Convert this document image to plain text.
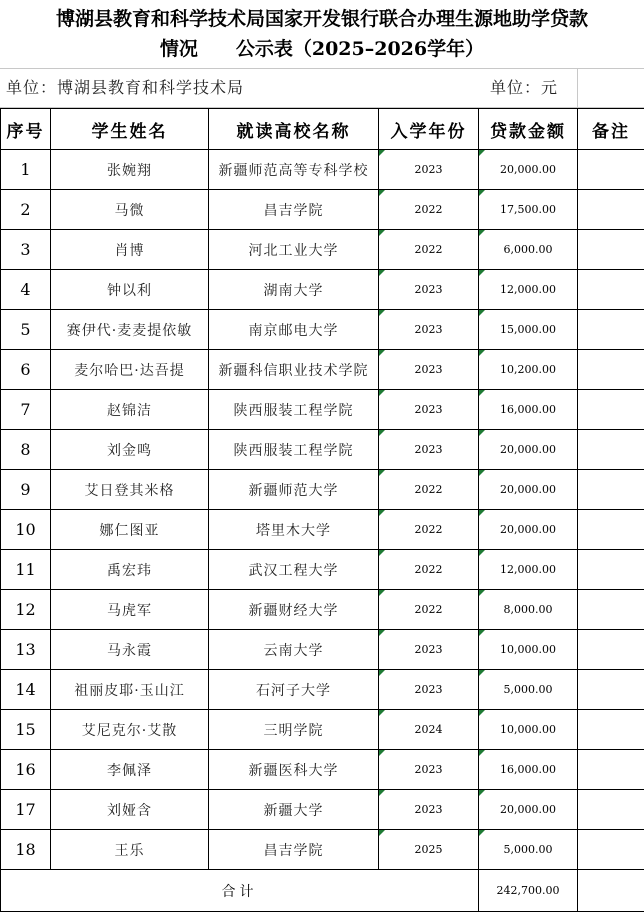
博湖县教育和科学技术局国家开发银行联合办理生源地助学贷款
情况　　公示表（2025–2026学年）
单位：博湖县教育和科学技术局	单位：元
序号	学生姓名	就读高校名称	入学年份	贷款金额	备注
1	张婉翔	新疆师范高等专科学校	2023	20,000.00	
2	马微	昌吉学院	2022	17,500.00	
3	肖博	河北工业大学	2022	6,000.00	
4	钟以利	湖南大学	2023	12,000.00	
5	赛伊代·麦麦提依敏	南京邮电大学	2023	15,000.00	
6	麦尔哈巴·达吾提	新疆科信职业技术学院	2023	10,200.00	
7	赵锦洁	陕西服装工程学院	2023	16,000.00	
8	刘金鸣	陕西服装工程学院	2023	20,000.00	
9	艾日登其米格	新疆师范大学	2022	20,000.00	
10	娜仁图亚	塔里木大学	2022	20,000.00	
11	禹宏玮	武汉工程大学	2022	12,000.00	
12	马虎军	新疆财经大学	2022	8,000.00	
13	马永霞	云南大学	2023	10,000.00	
14	祖丽皮耶·玉山江	石河子大学	2023	5,000.00	
15	艾尼克尔·艾散	三明学院	2024	10,000.00	
16	李佩泽	新疆医科大学	2023	16,000.00	
17	刘娅含	新疆大学	2023	20,000.00	
18	王乐	昌吉学院	2025	5,000.00	
合计				242,700.00	
